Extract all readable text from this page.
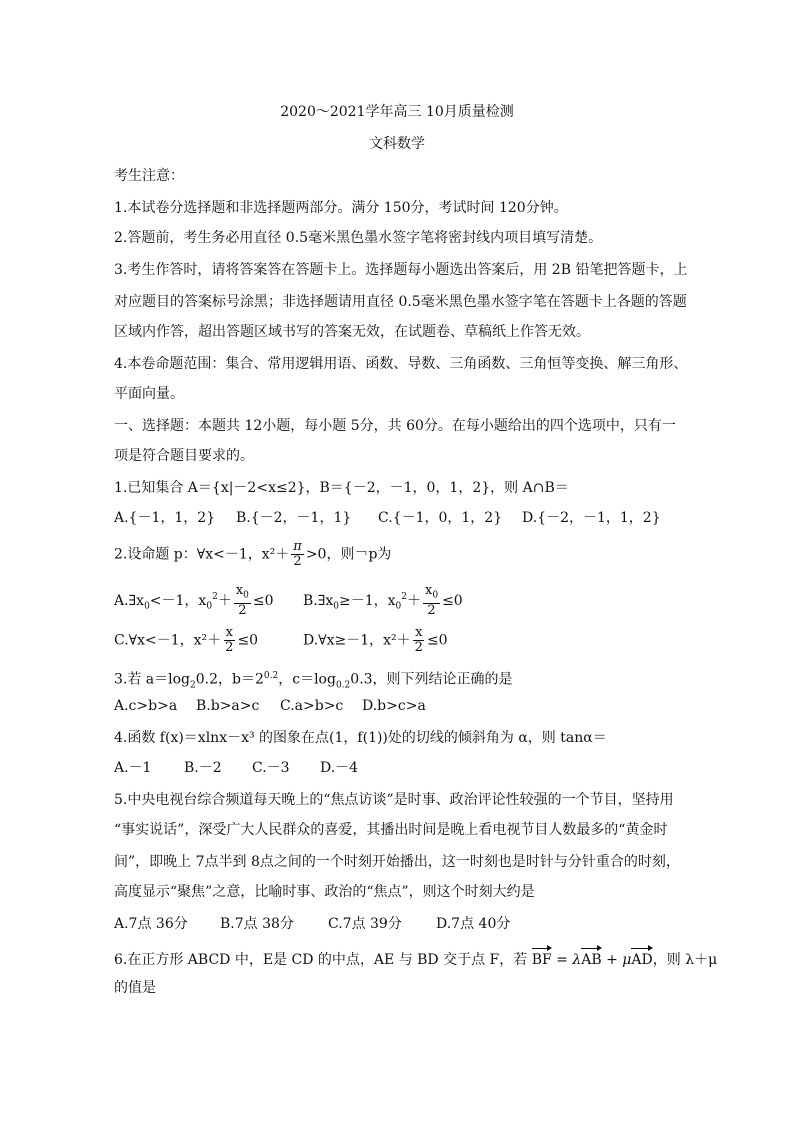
2020～2021学年高三 10月质量检测
文科数学
考生注意：
1.本试卷分选择题和非选择题两部分。满分 150分，考试时间 120分钟。
2.答题前，考生务必用直径 0.5毫米黑色墨水签字笔将密封线内项目填写清楚。
3.考生作答时，请将答案答在答题卡上。选择题每小题选出答案后，用 2B 铅笔把答题卡，上
对应题目的答案标号涂黑；非选择题请用直径 0.5毫米黑色墨水签字笔在答题卡上各题的答题
区域内作答，超出答题区域书写的答案无效，在试题卷、草稿纸上作答无效。
4.本卷命题范围：集合、常用逻辑用语、函数、导数、三角函数、三角恒等变换、解三角形、
平面向量。
一、选择题：本题共 12小题，每小题 5分，共 60分。在每小题给出的四个选项中，只有一
项是符合题目要求的。
1.已知集合 A＝{x|－2<x≤2}，B＝{－2，－1，0，1，2}，则 A∩B＝
A.{－1，1，2} B.{－2，－1，1} C.{－1，0，1，2} D.{－2，－1，1，2}
2.设命题 p：∀x<－1，$x^2+ \frac{\pi}{2} >0$，则￢p为
$A.\exists x_0<-1$，$x_0^2+ \frac{x_0}{2} \le 0$ $B.\exists x_0\ge-1$，$x_0^2+ \frac{x_0}{2} \le 0$
C.∀x<－1，$x^2+ \frac{x}{2} \le 0$	D.∀x≥－1，$x^2+ \frac{x}{2} \le 0$
3.若 $a=\log_20.2$，$b=2^{0.2}$，$c=\log_{0.2}0.3$，则下列结论正确的是
A.c>b>a B.b>a>c C.a>b>c D.b>c>a
4.函数 f(x)＝xlnx－x³ 的图象在点(1，f(1))处的切线的倾斜角为 α，则 tanα＝
A.－1 B.－2 C.－3 D.－4
5.中央电视台综合频道每天晚上的“焦点访谈”是时事、政治评论性较强的一个节目，坚持用
“事实说话”，深受广大人民群众的喜爱，其播出时间是晚上看电视节目人数最多的“黄金时
间”，即晚上 7点半到 8点之间的一个时刻开始播出，这一时刻也是时针与分针重合的时刻，
高度显示“聚焦”之意，比喻时事、政治的“焦点”，则这个时刻大约是
A.7点 36分 B.7点 38分 C.7点 39分 D.7点 40分
6.在正方形 ABCD 中，E是 CD 的中点，AE 与 BD 交于点 F，若 BF = λAB + μAD，则 λ＋μ
的值是
